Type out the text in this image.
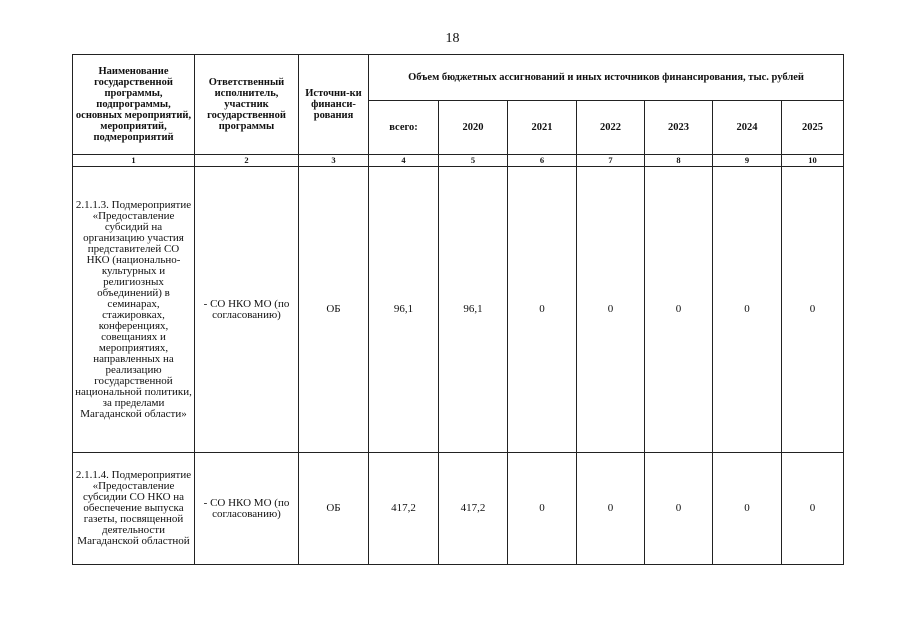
18
Наименование государственной программы, подпрограммы, основных мероприятий, мероприятий, подмероприятий	Ответственный исполнитель, участник государственной программы	Источни-ки финанси-рования	Объем бюджетных ассигнований и иных источников финансирования, тыс. рублей						
			всего:	2020	2021	2022	2023	2024	2025
1	2	3	4	5	6	7	8	9	10
2.1.1.3. Подмероприятие «Предоставление субсидий на организацию участия представителей СО НКО (национально-культурных и религиозных объединений) в семинарах, стажировках, конференциях, совещаниях и мероприятиях, направленных на реализацию государственной национальной политики, за пределами Магаданской области»	- СО НКО МО (по согласованию)	ОБ	96,1	96,1	0	0	0	0	0
2.1.1.4. Подмероприятие «Предоставление субсидии СО НКО на обеспечение выпуска газеты, посвященной деятельности Магаданской областной	- СО НКО МО (по согласованию)	ОБ	417,2	417,2	0	0	0	0	0
